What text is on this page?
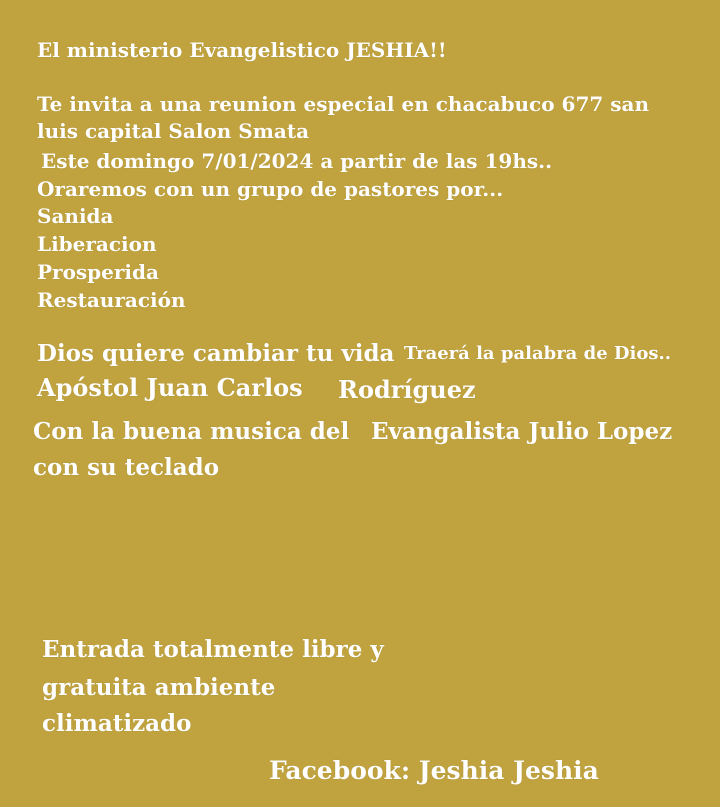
El ministerio Evangelistico JESHIA!!

Te invita a una reunion especial en chacabuco 677 san

luis capital Salon Smata

Este domingo 7/01/2024 a partir de las 19hs..

Oraremos con un grupo de pastores por...

Sanida

Liberacion

Prosperida

Restauración

Dios quiere cambiar tu vida Traerá la palabra de Dios..

Apóstol Juan Carlos Rodríguez

Con la buena musica del Evangalista Julio Lopez

con su teclado

Entrada totalmente libre y

gratuita ambiente

climatizado

Facebook: Jeshia Jeshia
